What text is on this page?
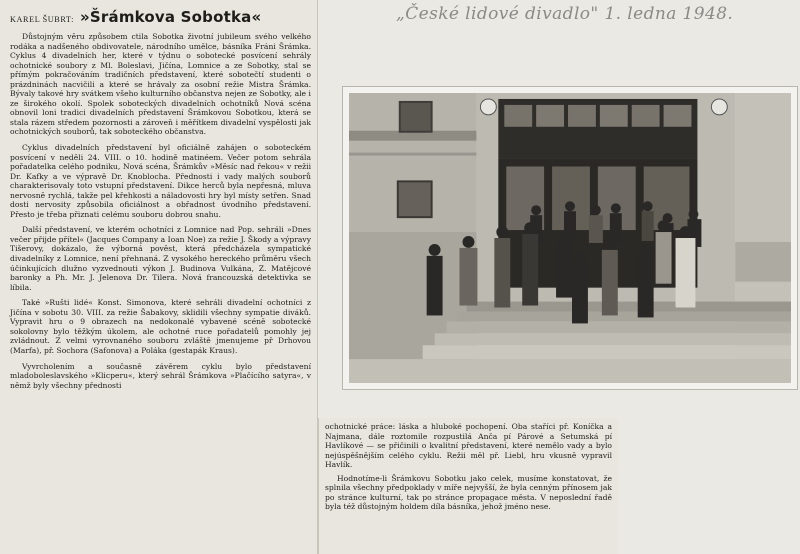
KAREL ŠUBRT: »Šrámkova Sobotka«

Důstojným věru způsobem ctila Sobotka životní jubileum svého velkého rodáka a nadšeného obdivovatele, národního umělce, básníka Fráni Šrámka. Cyklus 4 divadelních her, které v týdnu o sobotecké posvícení sehrály ochotnické soubory z Ml. Boleslavi, Jičína, Lomnice a ze Sobotky, stal se přímým pokračováním tradičních představení, které sobotečtí studenti o prázdninách nacvičili a které se hrávaly za osobní režie Mistra Šrámka. Bývaly takové hry svátkem všeho kulturního občanstva nejen ze Sobotky, ale i ze širokého okolí. Spolek soboteckých divadelních ochotníků Nová scéna obnovil loni tradici divadelních představení Šrámkovou Sobotkou, která se stala rázem středem pozornosti a zároveň i měřítkem divadelní vyspělosti jak ochotnických souborů, tak soboteckého občanstva.

Cyklus divadelních představení byl oficiálně zahájen o soboteckém posvícení v neděli 24. VIII. o 10. hodině matinéem. Večer potom sehrála pořadatelka celého podniku, Nová scéna, Šrámkův »Měsíc nad řekou« v režii Dr. Kafky a ve výpravě Dr. Knoblocha. Přednosti i vady malých souborů charakterisovaly toto vstupní představení. Dikce herců byla nepřesná, mluva nervosně rychlá, takže pel křehkosti a náladovosti hry byl místy setřen. Snad dosti nervosity způsobila oficiálnost a obřadnost úvodního představení. Přesto je třeba přiznati celému souboru dobrou snahu.

Další představení, ve kterém ochotníci z Lomnice nad Pop. sehráli »Dnes večer přijde přítel« (Jacques Company a Ioan Noe) za režie J. Škody a výpravy Tišerovy, dokázalo, že výborná pověst, která předcházela sympatické divadelníky z Lomnice, není přehnaná. Z vysokého hereckého průměru všech účinkujících dlužno vyzvednouti výkon J. Budinova Vulkána, Z. Matějcové baronky a Ph. Mr. J. Jelenova Dr. Tilera. Nová francouzská detektivka se líbila.

Také »Rušti lidé« Konst. Simonova, které sehráli divadelní ochotníci z Jičína v sobotu 30. VIII. za režie Šabakovy, sklidili všechny sympatie diváků. Vypravit hru o 9 obrazech na nedokonalé vybavené scéně sobotecké sokolovny bylo těžkým úkolem, ale ochotné ruce pořadatelů pomohly jej zvládnout. Z velmi vyrovnaného souboru zvláště jmenujeme př Drhovou (Marfa), př. Sochora (Safonova) a Poláka (gestapák Kraus).

Vyvrcholením a současně závěrem cyklu bylo představení mladoboleslavského »Klicperu«, který sehrál Šrámkova »Plačícího satyra«, v němž byly všechny přednosti

„České lidové divadlo" 1. ledna 1948.

ochotnické práce: láska a hluboké pochopení. Oba staříci př. Koníčka a Najmana, dále roztomile rozpustilá Anča pí Párové a Setumská pí Havlíkové — se přičinili o kvalitní představení, které nemělo vady a bylo nejúspěšnějším celého cyklu. Režii měl př. Liebl, hru vkusně vypravil Havlík.

Hodnotíme-li Šrámkovu Sobotku jako celek, musíme konstatovat, že splnila všechny předpoklady v míře nejvyšší, že byla cenným přínosem jak po stránce kulturní, tak po stránce propagace města. V neposlední řadě byla též důstojným holdem díla básníka, jehož jméno nese.
